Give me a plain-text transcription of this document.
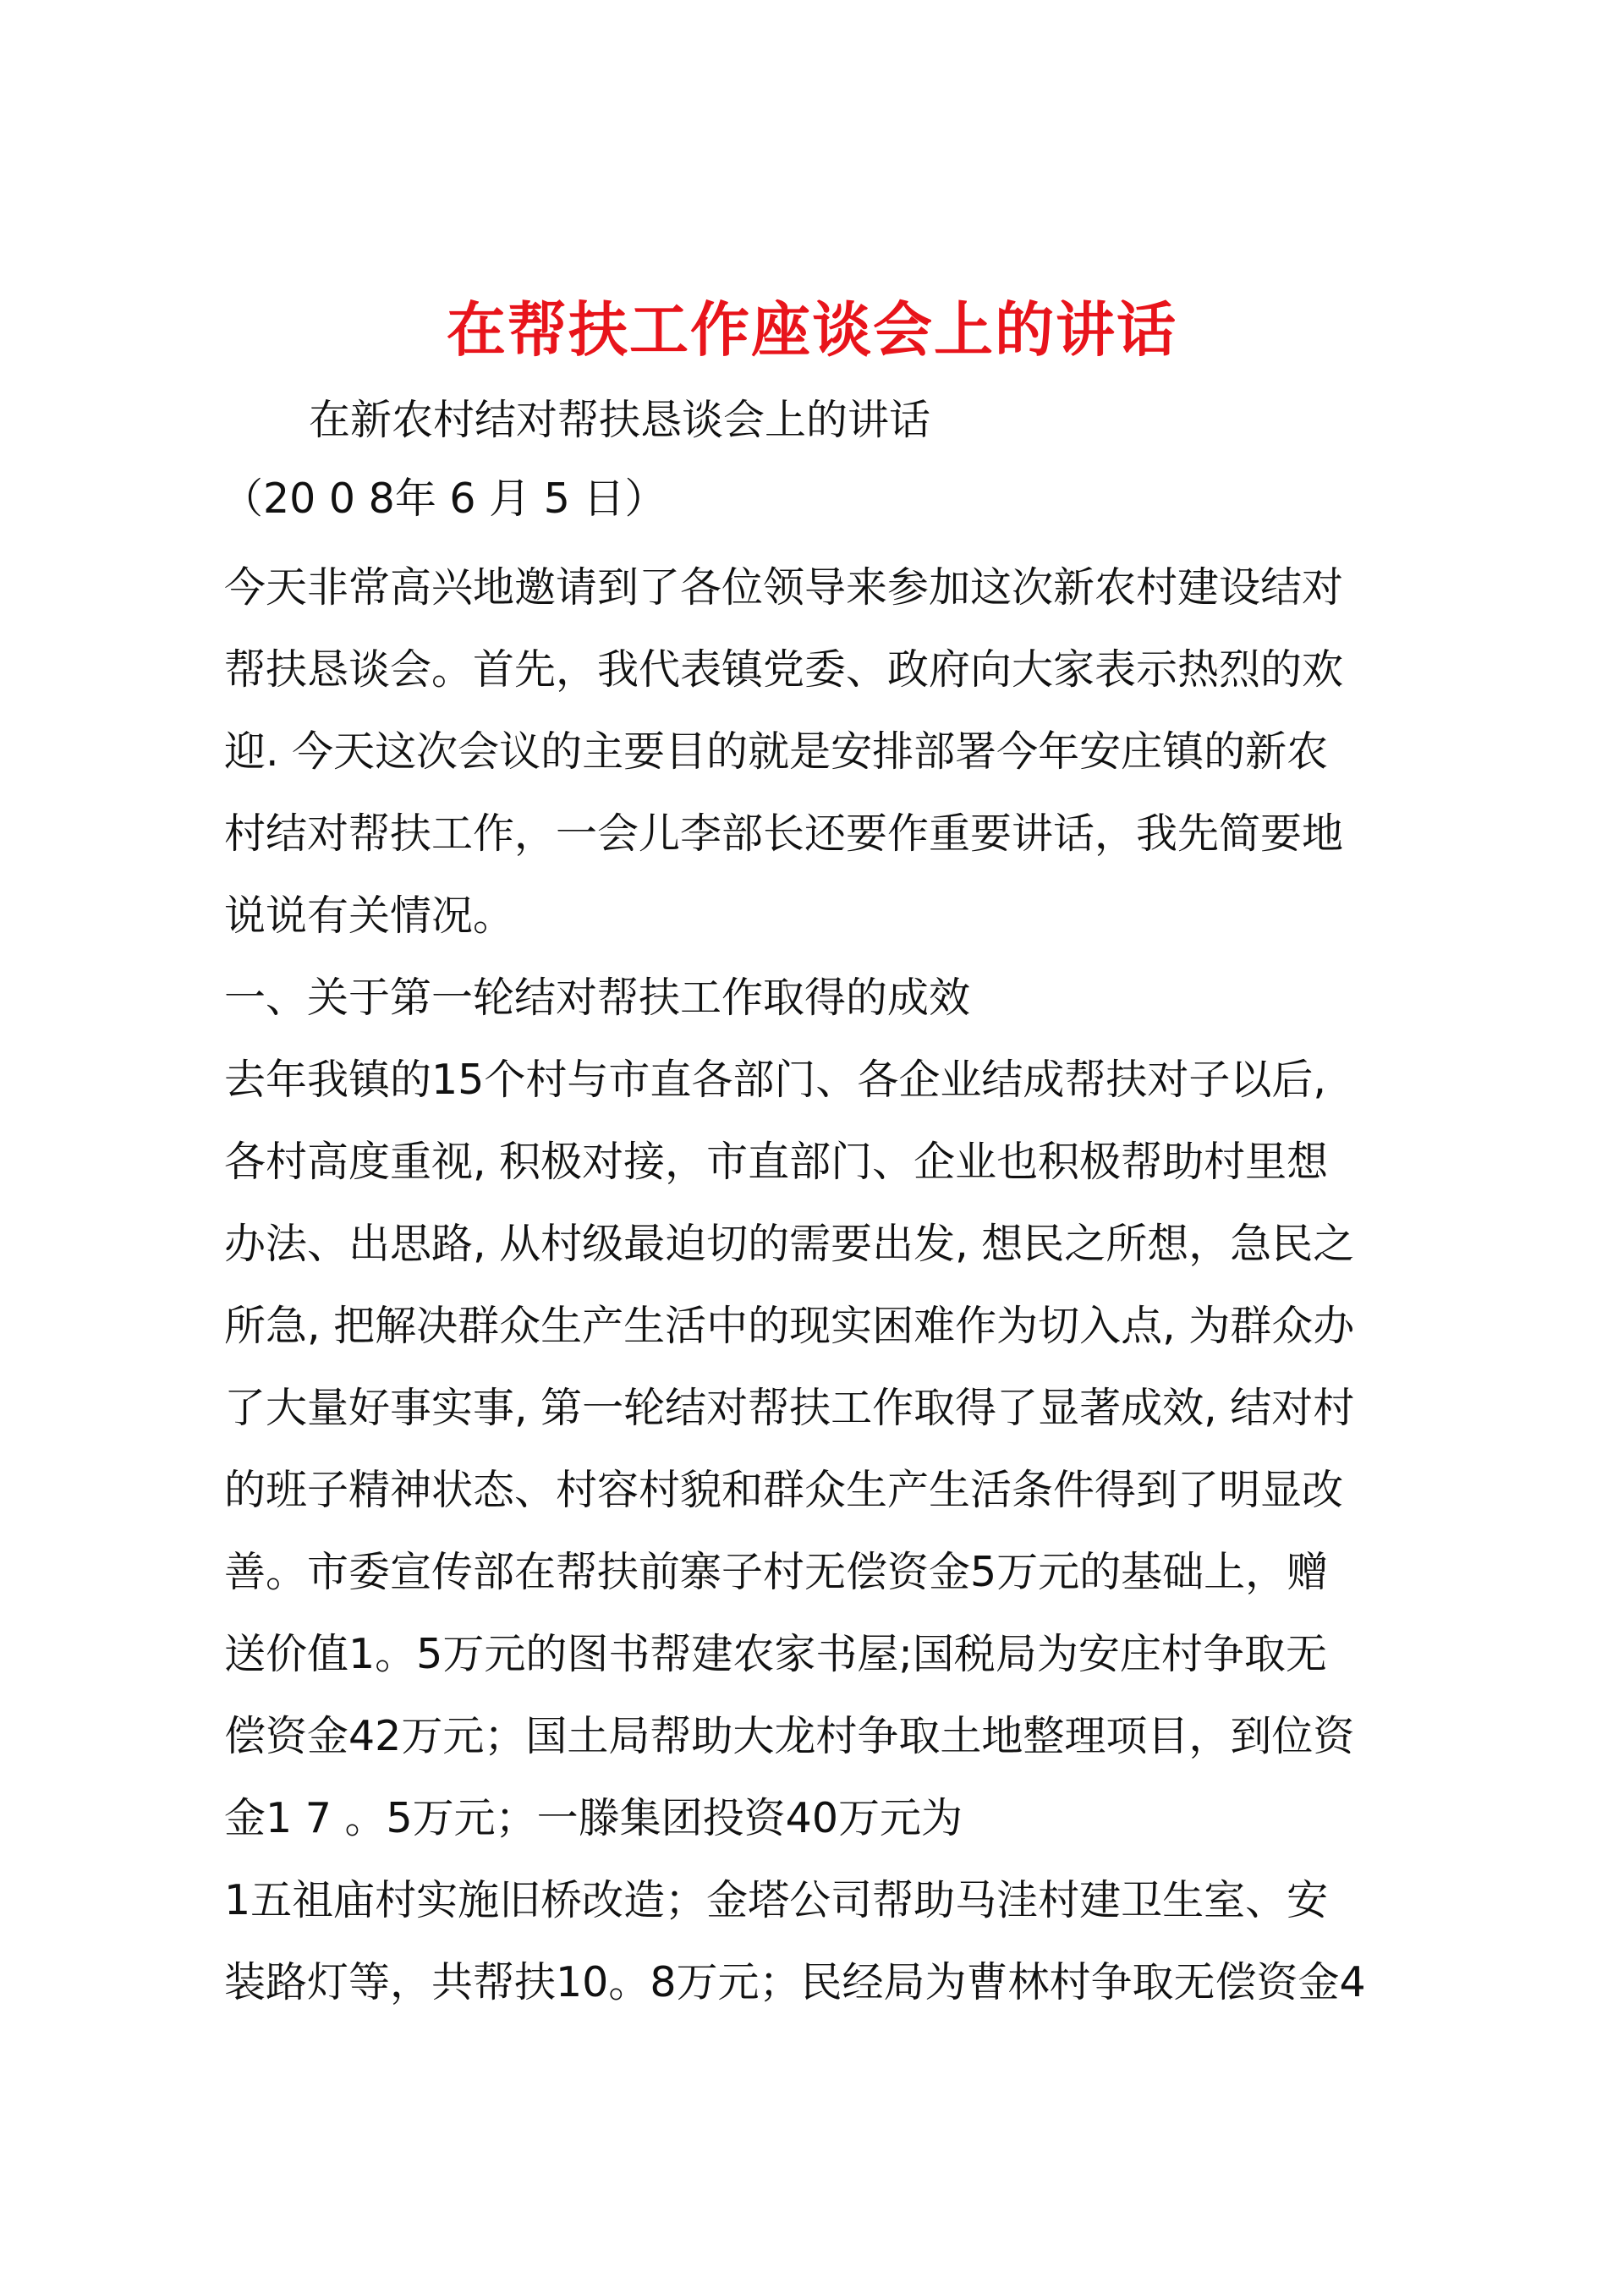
在帮扶工作座谈会上的讲话
在新农村结对帮扶恳谈会上的讲话
（20 0 8年 6 月 5 日）
今天非常高兴地邀请到了各位领导来参加这次新农村建设结对
帮扶恳谈会。首先，我代表镇党委、政府向大家表示热烈的欢
迎. 今天这次会议的主要目的就是安排部署今年安庄镇的新农
村结对帮扶工作，一会儿李部长还要作重要讲话，我先简要地
说说有关情况。
一、关于第一轮结对帮扶工作取得的成效
去年我镇的15个村与市直各部门、各企业结成帮扶对子以后,
各村高度重视, 积极对接，市直部门、企业也积极帮助村里想
办法、出思路, 从村级最迫切的需要出发, 想民之所想，急民之
所急, 把解决群众生产生活中的现实困难作为切入点, 为群众办
了大量好事实事, 第一轮结对帮扶工作取得了显著成效, 结对村
的班子精神状态、村容村貌和群众生产生活条件得到了明显改
善。市委宣传部在帮扶前寨子村无偿资金5万元的基础上，赠
送价值1。5万元的图书帮建农家书屋;国税局为安庄村争取无
偿资金42万元；国土局帮助大龙村争取土地整理项目，到位资
金1 7 。5万元；一滕集团投资40万元为
1五祖庙村实施旧桥改造；金塔公司帮助马洼村建卫生室、安
装路灯等，共帮扶10。8万元；民经局为曹林村争取无偿资金4
